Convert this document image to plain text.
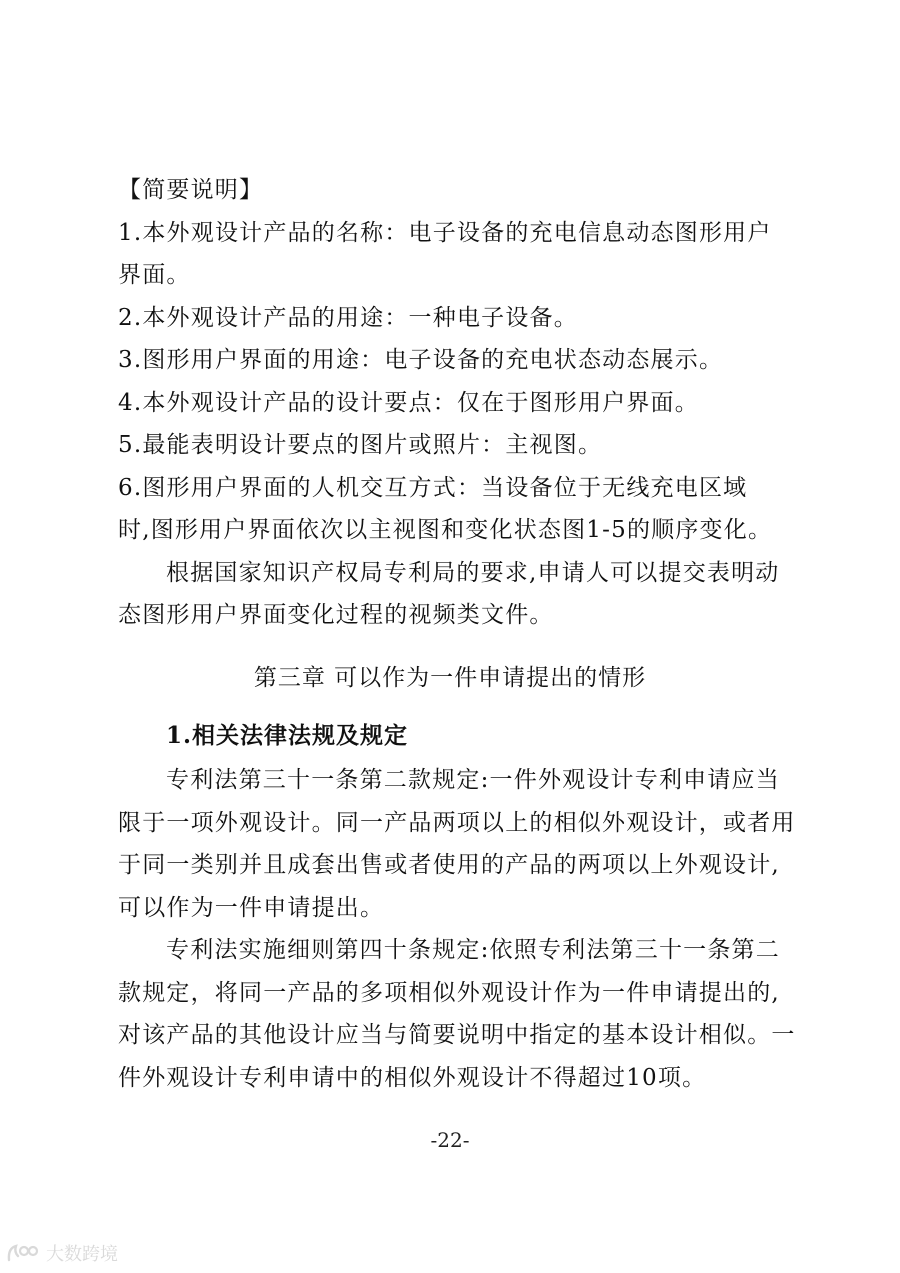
【简要说明】
1.本外观设计产品的名称：电子设备的充电信息动态图形用户
界面。
2.本外观设计产品的用途：一种电子设备。
3.图形用户界面的用途：电子设备的充电状态动态展示。
4.本外观设计产品的设计要点：仅在于图形用户界面。
5.最能表明设计要点的图片或照片：主视图。
6.图形用户界面的人机交互方式：当设备位于无线充电区域
时,图形用户界面依次以主视图和变化状态图1-5的顺序变化。
根据国家知识产权局专利局的要求,申请人可以提交表明动
态图形用户界面变化过程的视频类文件。
第三章 可以作为一件申请提出的情形
1.相关法律法规及规定
专利法第三十一条第二款规定:一件外观设计专利申请应当
限于一项外观设计。同一产品两项以上的相似外观设计，或者用
于同一类别并且成套出售或者使用的产品的两项以上外观设计,
可以作为一件申请提出。
专利法实施细则第四十条规定:依照专利法第三十一条第二
款规定，将同一产品的多项相似外观设计作为一件申请提出的,
对该产品的其他设计应当与简要说明中指定的基本设计相似。一
件外观设计专利申请中的相似外观设计不得超过10项。
-22-
大数跨境
